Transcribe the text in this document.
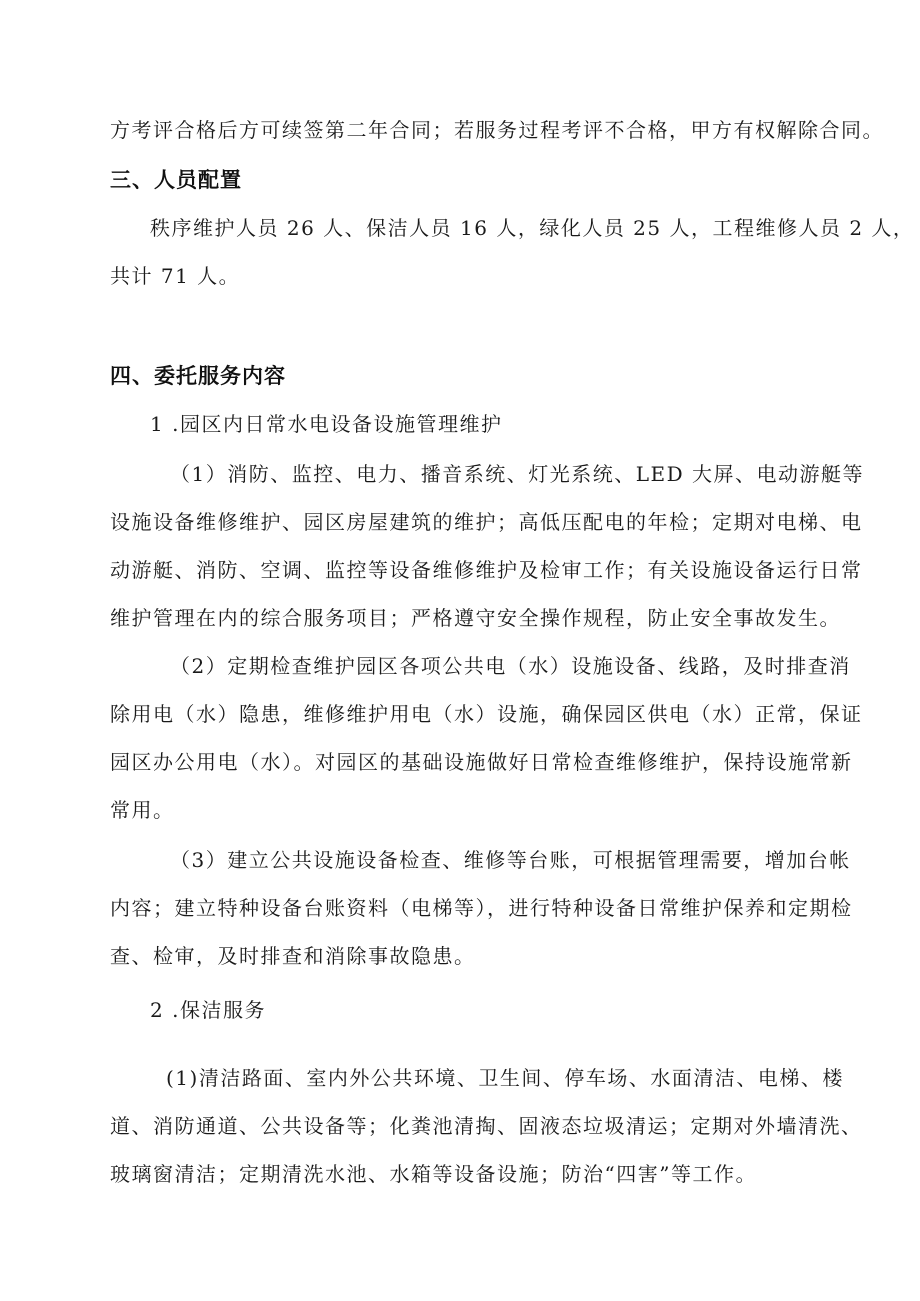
方考评合格后方可续签第二年合同；若服务过程考评不合格，甲方有权解除合同。
三、人员配置
秩序维护人员 26 人、保洁人员 16 人，绿化人员 25 人，工程维修人员 2 人，
共计 71 人。
四、委托服务内容
1 .园区内日常水电设备设施管理维护
（1）消防、监控、电力、播音系统、灯光系统、LED 大屏、电动游艇等
设施设备维修维护、园区房屋建筑的维护；高低压配电的年检；定期对电梯、电
动游艇、消防、空调、监控等设备维修维护及检审工作；有关设施设备运行日常
维护管理在内的综合服务项目；严格遵守安全操作规程，防止安全事故发生。
（2）定期检查维护园区各项公共电（水）设施设备、线路，及时排查消
除用电（水）隐患，维修维护用电（水）设施，确保园区供电（水）正常，保证
园区办公用电（水）。对园区的基础设施做好日常检查维修维护，保持设施常新
常用。
（3）建立公共设施设备检查、维修等台账，可根据管理需要，增加台帐
内容；建立特种设备台账资料（电梯等），进行特种设备日常维护保养和定期检
查、检审，及时排查和消除事故隐患。
2 .保洁服务
(1)清洁路面、室内外公共环境、卫生间、停车场、水面清洁、电梯、楼
道、消防通道、公共设备等；化粪池清掏、固液态垃圾清运；定期对外墙清洗、
玻璃窗清洁；定期清洗水池、水箱等设备设施；防治“四害”等工作。
